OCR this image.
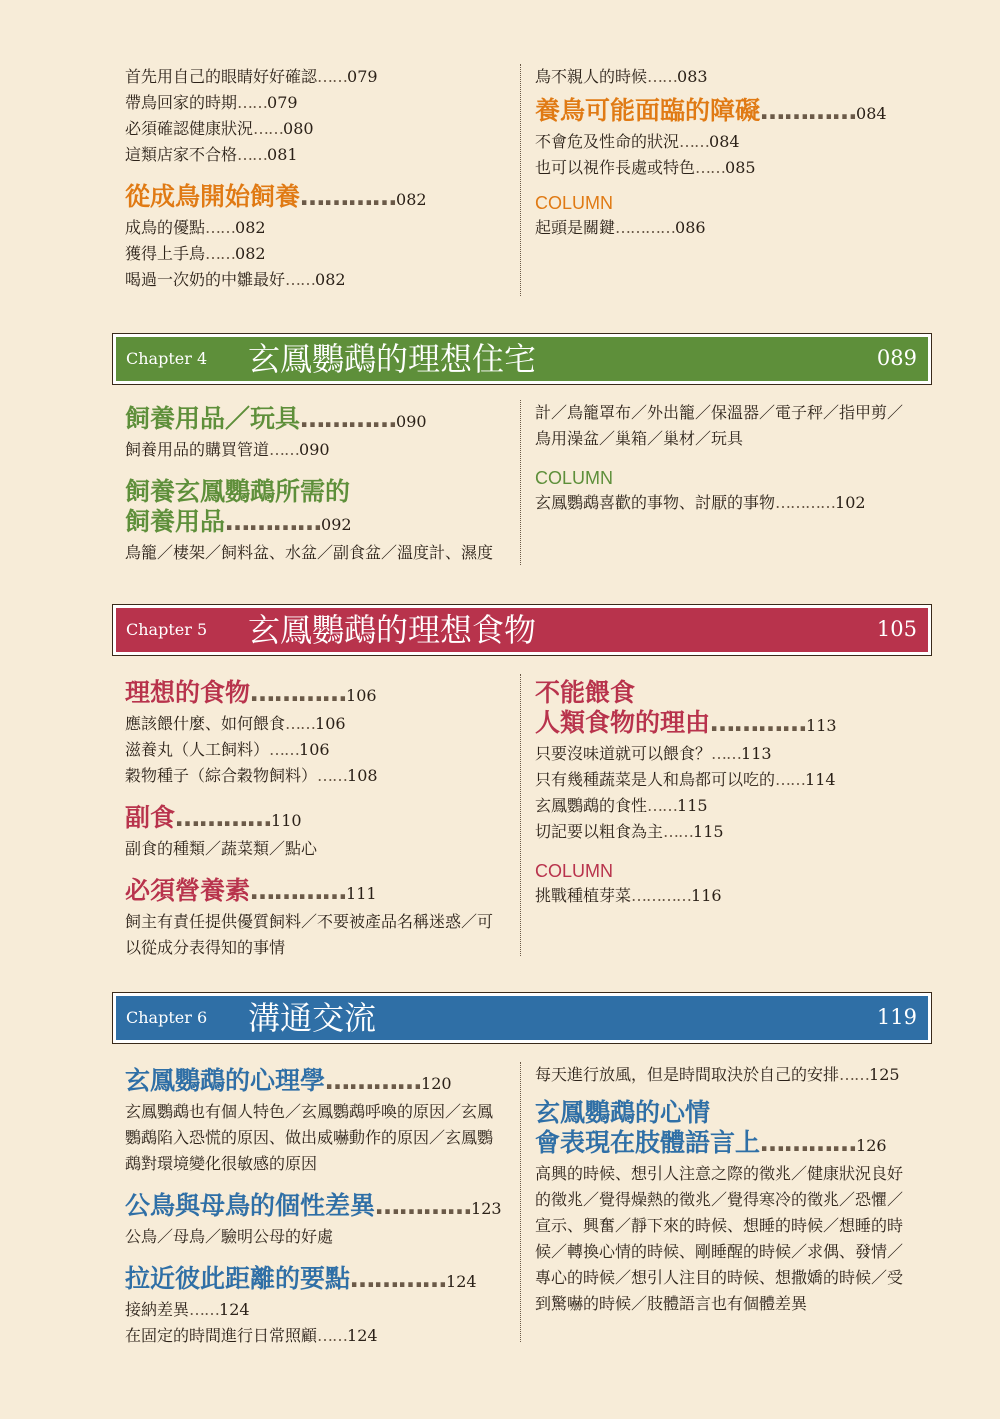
首先用自己的眼睛好好確認……079

帶鳥回家的時期……079

必須確認健康狀況……080

這類店家不合格……081

從成鳥開始飼養…………082

成鳥的優點……082

獲得上手鳥……082

喝過一次奶的中雛最好……082

鳥不親人的時候……083

養鳥可能面臨的障礙…………084

不會危及性命的狀況……084

也可以視作長處或特色……085

COLUMN

起頭是關鍵…………086

Chapter 4 玄鳳鸚鵡的理想住宅	089

飼養用品／玩具…………090

飼養用品的購買管道……090

飼養玄鳳鸚鵡所需的

飼養用品…………092

鳥籠／棲架／飼料盆、水盆／副食盆／溫度計、濕度

計／鳥籠罩布／外出籠／保溫器／電子秤／指甲剪／

鳥用澡盆／巢箱／巢材／玩具

COLUMN

玄鳳鸚鵡喜歡的事物、討厭的事物…………102

Chapter 5 玄鳳鸚鵡的理想食物	105

理想的食物…………106

應該餵什麼、如何餵食……106

滋養丸（人工飼料）……106

穀物種子（綜合穀物飼料）……108

副食…………110

副食的種類／蔬菜類／點心

必須營養素…………111

飼主有責任提供優質飼料／不要被產品名稱迷惑／可

以從成分表得知的事情

不能餵食

人類食物的理由…………113

只要沒味道就可以餵食？……113

只有幾種蔬菜是人和鳥都可以吃的……114

玄鳳鸚鵡的食性……115

切記要以粗食為主……115

COLUMN

挑戰種植芽菜…………116

Chapter 6 溝通交流	119

玄鳳鸚鵡的心理學…………120

玄鳳鸚鵡也有個人特色／玄鳳鸚鵡呼喚的原因／玄鳳

鸚鵡陷入恐慌的原因、做出威嚇動作的原因／玄鳳鸚

鵡對環境變化很敏感的原因

公鳥與母鳥的個性差異…………123

公鳥／母鳥／驗明公母的好處

拉近彼此距離的要點…………124

接納差異……124

在固定的時間進行日常照顧……124

每天進行放風，但是時間取決於自己的安排……125

玄鳳鸚鵡的心情

會表現在肢體語言上…………126

高興的時候、想引人注意之際的徵兆／健康狀況良好

的徵兆／覺得燥熱的徵兆／覺得寒冷的徵兆／恐懼／

宣示、興奮／靜下來的時候、想睡的時候／想睡的時

候／轉換心情的時候、剛睡醒的時候／求偶、發情／

專心的時候／想引人注目的時候、想撒嬌的時候／受

到驚嚇的時候／肢體語言也有個體差異
